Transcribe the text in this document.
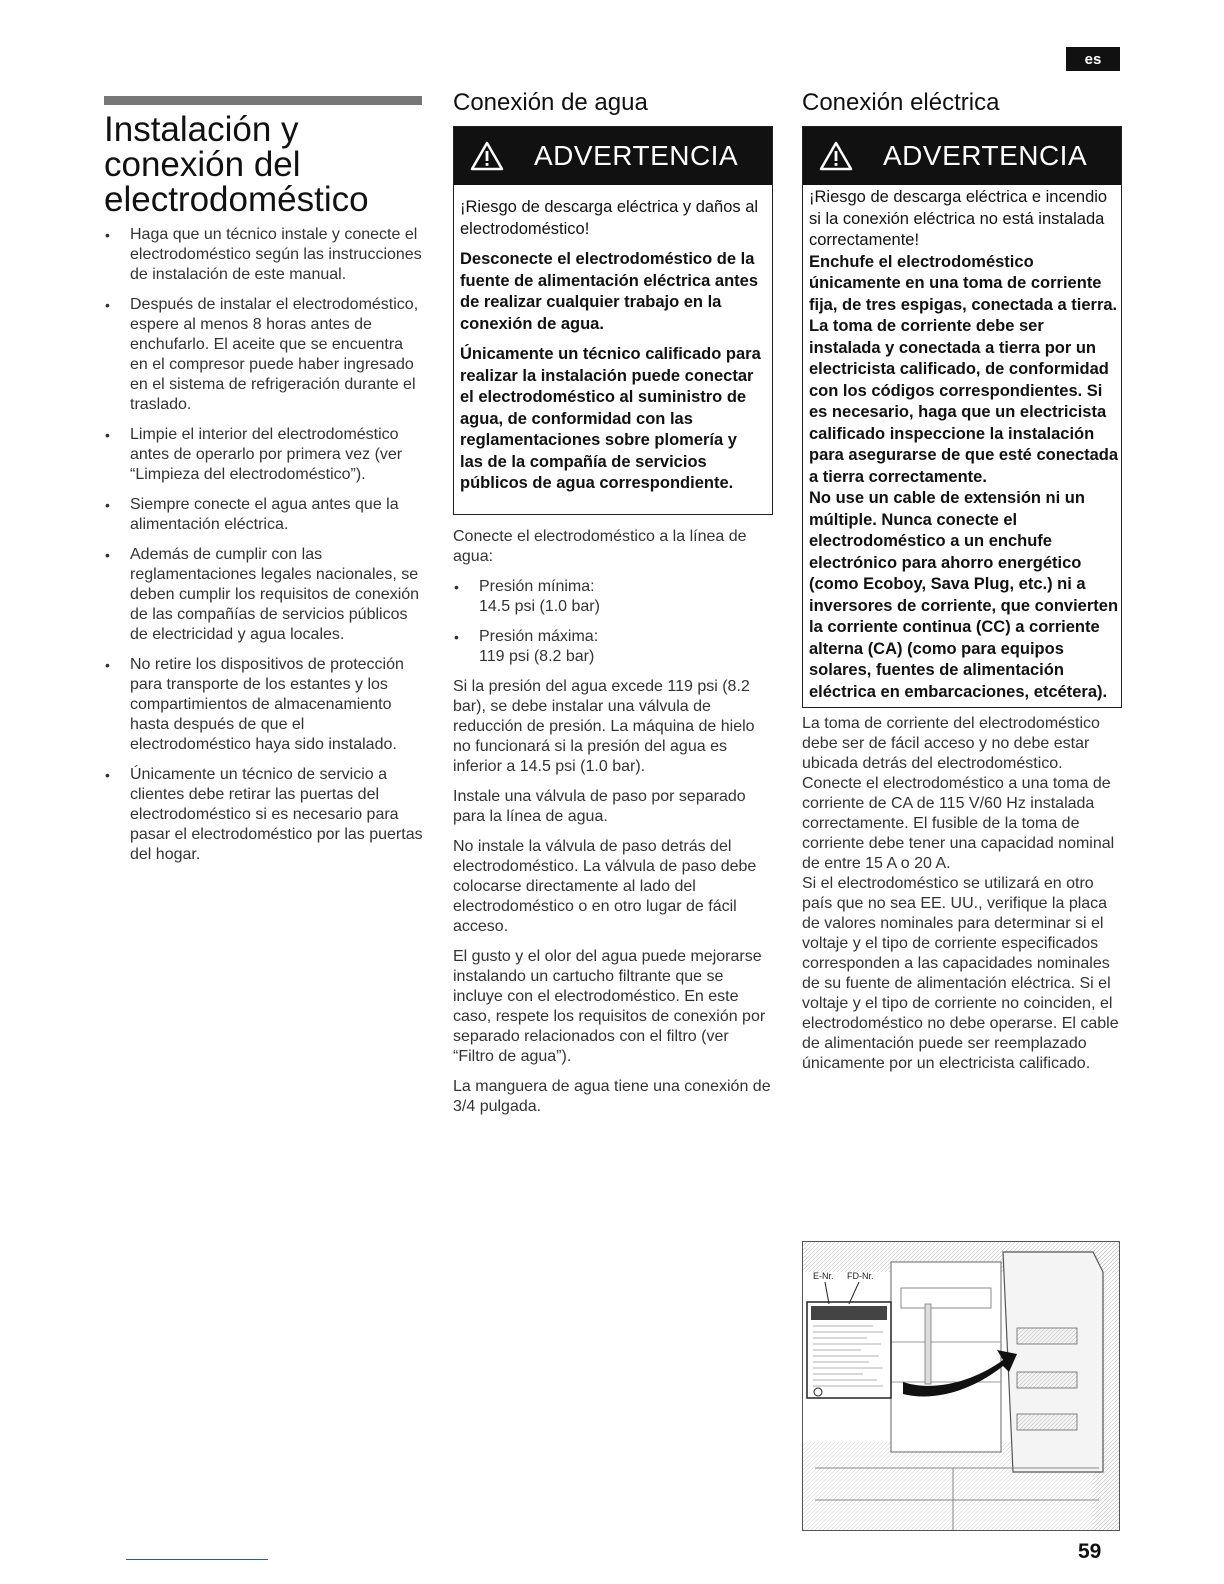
es
Instalación y conexión del electrodoméstico
• Haga que un técnico instale y conecte el electrodoméstico según las instrucciones de instalación de este manual.
• Después de instalar el electrodoméstico, espere al menos 8 horas antes de enchufarlo. El aceite que se encuentra en el compresor puede haber ingresado en el sistema de refrigeración durante el traslado.
• Limpie el interior del electrodoméstico antes de operarlo por primera vez (ver “Limpieza del electrodoméstico”).
• Siempre conecte el agua antes que la alimentación eléctrica.
• Además de cumplir con las reglamentaciones legales nacionales, se deben cumplir los requisitos de conexión de las compañías de servicios públicos de electricidad y agua locales.
• No retire los dispositivos de protección para transporte de los estantes y los compartimientos de almacenamiento hasta después de que el electrodoméstico haya sido instalado.
• Únicamente un técnico de servicio a clientes debe retirar las puertas del electrodoméstico si es necesario para pasar el electrodoméstico por las puertas del hogar.
Conexión de agua
ADVERTENCIA

¡Riesgo de descarga eléctrica y daños al electrodoméstico!

Desconecte el electrodoméstico de la fuente de alimentación eléctrica antes de realizar cualquier trabajo en la conexión de agua.

Únicamente un técnico calificado para realizar la instalación puede conectar el electrodoméstico al suministro de agua, de conformidad con las reglamentaciones sobre plomería y las de la compañía de servicios públicos de agua correspondiente.

Conecte el electrodoméstico a la línea de agua:

• Presión mínima:
14.5 psi (1.0 bar)
• Presión máxima:
119 psi (8.2 bar)

Si la presión del agua excede 119 psi (8.2 bar), se debe instalar una válvula de reducción de presión. La máquina de hielo no funcionará si la presión del agua es inferior a 14.5 psi (1.0 bar).

Instale una válvula de paso por separado para la línea de agua.

No instale la válvula de paso detrás del electrodoméstico. La válvula de paso debe colocarse directamente al lado del electrodoméstico o en otro lugar de fácil acceso.

El gusto y el olor del agua puede mejorarse instalando un cartucho filtrante que se incluye con el electrodoméstico. En este caso, respete los requisitos de conexión por separado relacionados con el filtro (ver “Filtro de agua”).

La manguera de agua tiene una conexión de 3/4 pulgada.

Conexión eléctrica
ADVERTENCIA

¡Riesgo de descarga eléctrica e incendio si la conexión eléctrica no está instalada correctamente!

Enchufe el electrodoméstico únicamente en una toma de corriente fija, de tres espigas, conectada a tierra. La toma de corriente debe ser instalada y conectada a tierra por un electricista calificado, de conformidad con los códigos correspondientes. Si es necesario, haga que un electricista calificado inspeccione la instalación para asegurarse de que esté conectada a tierra correctamente.

No use un cable de extensión ni un múltiple. Nunca conecte el electrodoméstico a un enchufe electrónico para ahorro energético (como Ecoboy, Sava Plug, etc.) ni a inversores de corriente, que convierten la corriente continua (CC) a corriente alterna (CA) (como para equipos solares, fuentes de alimentación eléctrica en embarcaciones, etcétera).

La toma de corriente del electrodoméstico debe ser de fácil acceso y no debe estar ubicada detrás del electrodoméstico.

Conecte el electrodoméstico a una toma de corriente de CA de 115 V/60 Hz instalada correctamente. El fusible de la toma de corriente debe tener una capacidad nominal de entre 15 A o 20 A.

Si el electrodoméstico se utilizará en otro país que no sea EE. UU., verifique la placa de valores nominales para determinar si el voltaje y el tipo de corriente especificados corresponden a las capacidades nominales de su fuente de alimentación eléctrica. Si el voltaje y el tipo de corriente no coinciden, el electrodoméstico no debe operarse. El cable de alimentación puede ser reemplazado únicamente por un electricista calificado.

E-Nr. FD-Nr.
59
